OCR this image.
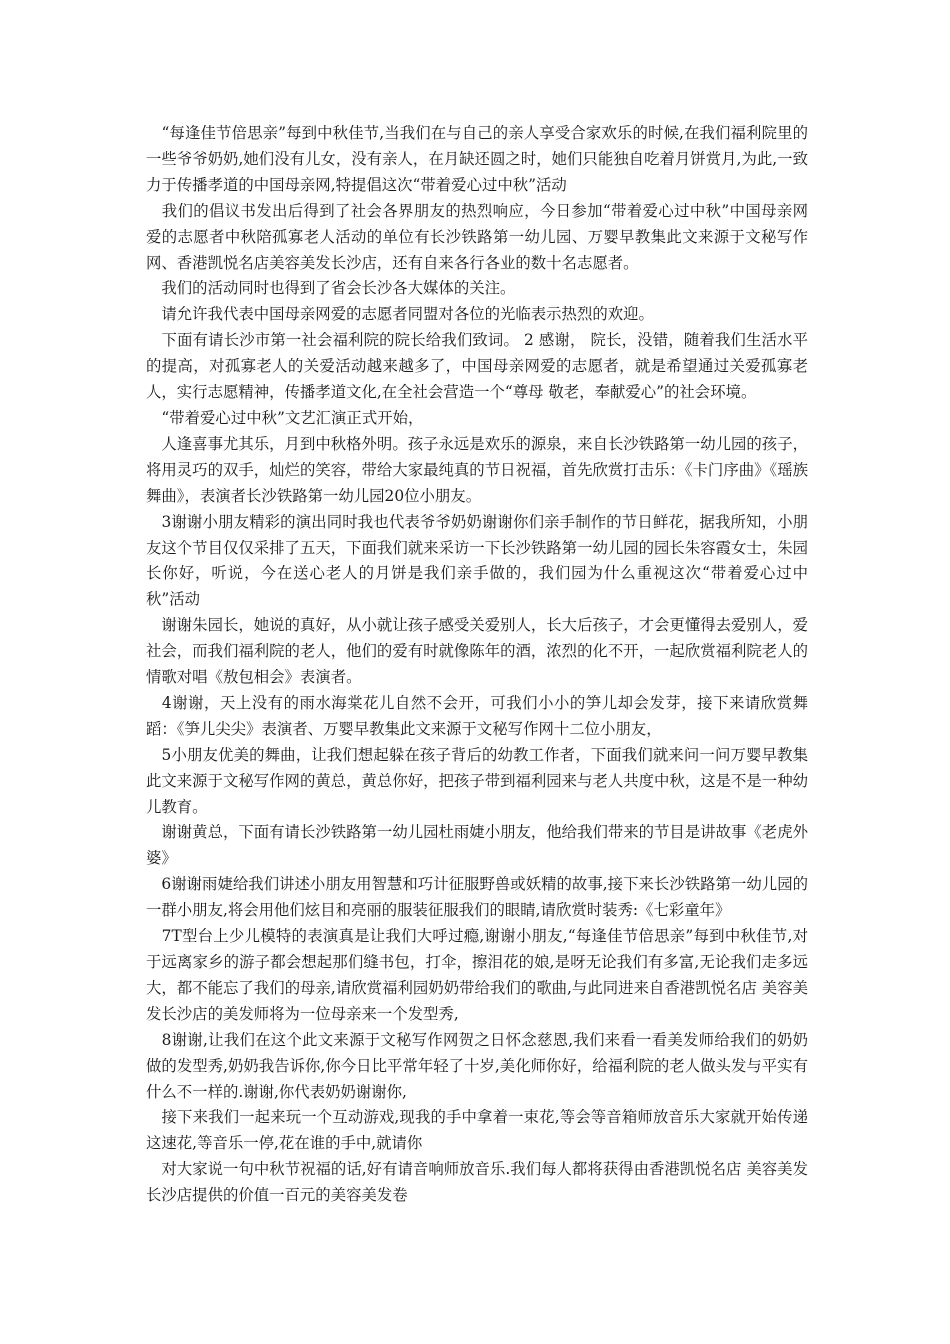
　“每逢佳节倍思亲”每到中秋佳节,当我们在与自己的亲人享受合家欢乐的时候,在我们福利院里的一些爷爷奶奶,她们没有儿女，没有亲人，在月缺还圆之时，她们只能独自吃着月饼赏月,为此,一致力于传播孝道的中国母亲网,特提倡这次“带着爱心过中秋”活动

　我们的倡议书发出后得到了社会各界朋友的热烈响应，今日参加“带着爱心过中秋”中国母亲网爱的志愿者中秋陪孤寡老人活动的单位有长沙铁路第一幼儿园、万婴早教集此文来源于文秘写作网、香港凯悦名店美容美发长沙店，还有自来各行各业的数十名志愿者。

　我们的活动同时也得到了省会长沙各大媒体的关注。

　请允许我代表中国母亲网爱的志愿者同盟对各位的光临表示热烈的欢迎。

　下面有请长沙市第一社会福利院的院长给我们致词。 2 感谢， 院长，没错，随着我们生活水平的提高，对孤寡老人的关爱活动越来越多了，中国母亲网爱的志愿者，就是希望通过关爱孤寡老人，实行志愿精神，传播孝道文化,在全社会营造一个“尊母 敬老，奉献爱心”的社会环境。

　“带着爱心过中秋”文艺汇演正式开始，

　人逢喜事尤其乐，月到中秋格外明。孩子永远是欢乐的源泉，来自长沙铁路第一幼儿园的孩子，将用灵巧的双手，灿烂的笑容，带给大家最纯真的节日祝福，首先欣赏打击乐：《卡门序曲》《瑶族舞曲》，表演者长沙铁路第一幼儿园20位小朋友。

　3谢谢小朋友精彩的演出同时我也代表爷爷奶奶谢谢你们亲手制作的节日鲜花，据我所知，小朋友这个节目仅仅采排了五天，下面我们就来采访一下长沙铁路第一幼儿园的园长朱容霞女士，朱园长你好，听说，今在送心老人的月饼是我们亲手做的，我们园为什么重视这次“带着爱心过中秋”活动

　谢谢朱园长，她说的真好，从小就让孩子感受关爱别人，长大后孩子，才会更懂得去爱别人，爱社会，而我们福利院的老人，他们的爱有时就像陈年的酒，浓烈的化不开，一起欣赏福利院老人的情歌对唱《敖包相会》表演者。

　4谢谢，天上没有的雨水海棠花儿自然不会开，可我们小小的笋儿却会发芽，接下来请欣赏舞 蹈：《笋儿尖尖》表演者、万婴早教集此文来源于文秘写作网十二位小朋友，

　5小朋友优美的舞曲，让我们想起躲在孩子背后的幼教工作者，下面我们就来问一问万婴早教集此文来源于文秘写作网的黄总，黄总你好，把孩子带到福利园来与老人共度中秋，这是不是一种幼儿教育。

　谢谢黄总，下面有请长沙铁路第一幼儿园杜雨婕小朋友，他给我们带来的节目是讲故事《老虎外婆》

　6谢谢雨婕给我们讲述小朋友用智慧和巧计征服野兽或妖精的故事,接下来长沙铁路第一幼儿园的一群小朋友,将会用他们炫目和亮丽的服装征服我们的眼睛,请欣赏时装秀:《七彩童年》

　7T型台上少儿模特的表演真是让我们大呼过瘾,谢谢小朋友,“每逢佳节倍思亲”每到中秋佳节,对于远离家乡的游子都会想起那们缝书包，打伞，擦泪花的娘,是呀无论我们有多富,无论我们走多远大，都不能忘了我们的母亲,请欣赏福利园奶奶带给我们的歌曲,与此同进来自香港凯悦名店 美容美发长沙店的美发师将为一位母亲来一个发型秀,

　8谢谢,让我们在这个此文来源于文秘写作网贺之日怀念慈恩,我们来看一看美发师给我们的奶奶做的发型秀,奶奶我告诉你,你今日比平常年轻了十岁,美化师你好，给福利院的老人做头发与平实有什么不一样的.谢谢,你代表奶奶谢谢你,

　接下来我们一起来玩一个互动游戏,现我的手中拿着一束花,等会等音箱师放音乐大家就开始传递这速花,等音乐一停,花在谁的手中,就请你

　对大家说一句中秋节祝福的话,好有请音响师放音乐.我们每人都将获得由香港凯悦名店 美容美发长沙店提供的价值一百元的美容美发卷
